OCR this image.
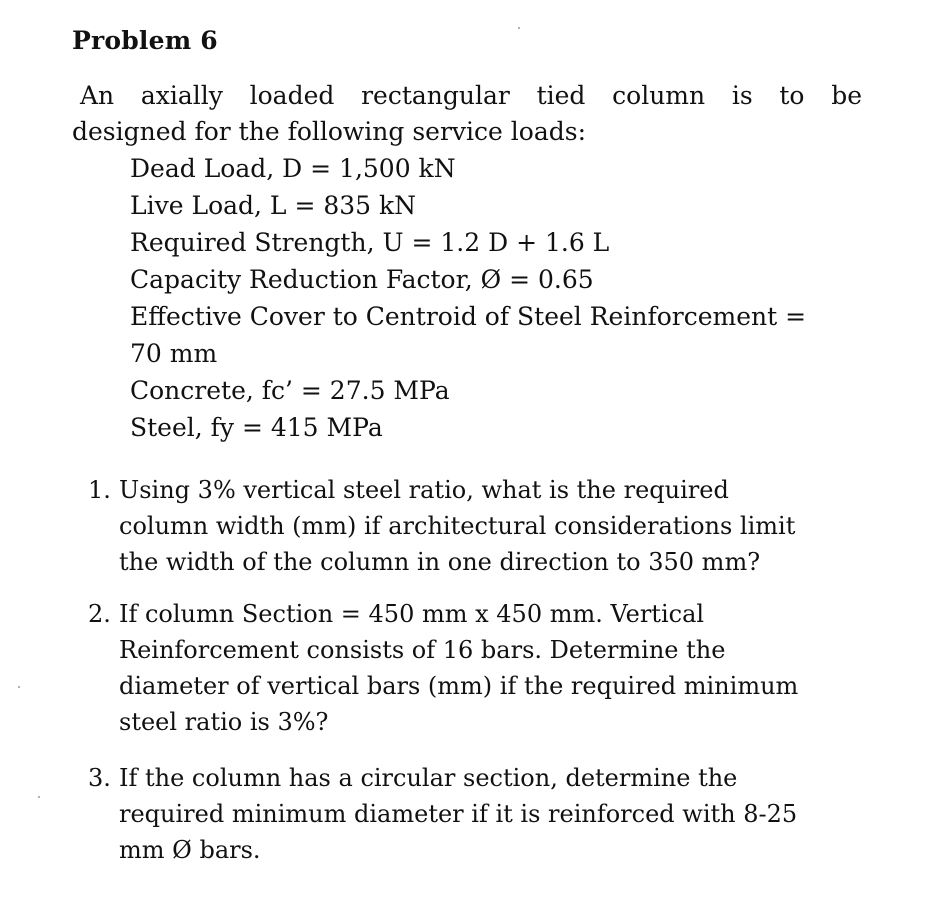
Problem 6
An axially loaded rectangular tied column is to be
designed for the following service loads:
Dead Load, D = 1,500 kN
Live Load, L = 835 kN
Required Strength, U = 1.2 D + 1.6 L
Capacity Reduction Factor, Ø = 0.65
Effective Cover to Centroid of Steel Reinforcement =
70 mm
Concrete, fc’ = 27.5 MPa
Steel, fy = 415 MPa
1. Using 3% vertical steel ratio, what is the required
column width (mm) if architectural considerations limit
the width of the column in one direction to 350 mm?
2. If column Section = 450 mm x 450 mm. Vertical
Reinforcement consists of 16 bars. Determine the
diameter of vertical bars (mm) if the required minimum
steel ratio is 3%?
3. If the column has a circular section, determine the
required minimum diameter if it is reinforced with 8-25
mm Ø bars.
